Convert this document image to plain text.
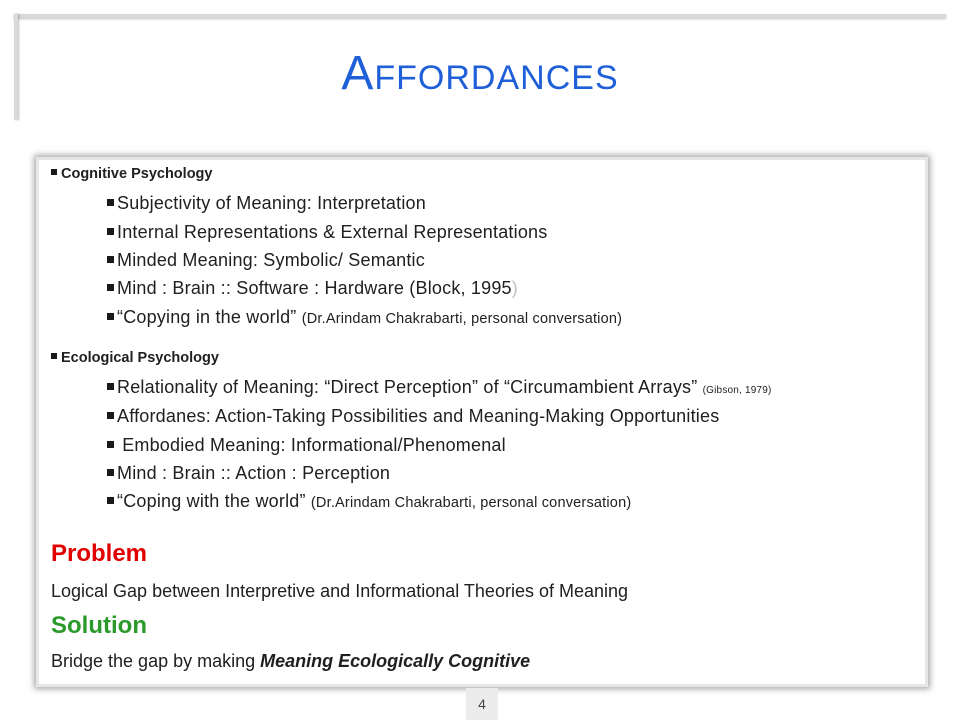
Affordances
Cognitive Psychology
Subjectivity of Meaning: Interpretation
Internal Representations & External Representations
Minded Meaning: Symbolic/ Semantic
Mind : Brain :: Software : Hardware (Block, 1995)
“Copying in the world” (Dr.Arindam Chakrabarti, personal conversation)
Ecological Psychology
Relationality of Meaning: “Direct Perception” of “Circumambient Arrays” (Gibson, 1979)
Affordanes: Action-Taking Possibilities and Meaning-Making Opportunities
Embodied Meaning: Informational/Phenomenal
Mind : Brain :: Action : Perception
“Coping with the world” (Dr.Arindam Chakrabarti, personal conversation)
Problem
Logical Gap between Interpretive and Informational Theories of Meaning
Solution
Bridge the gap by making Meaning Ecologically Cognitive
4
